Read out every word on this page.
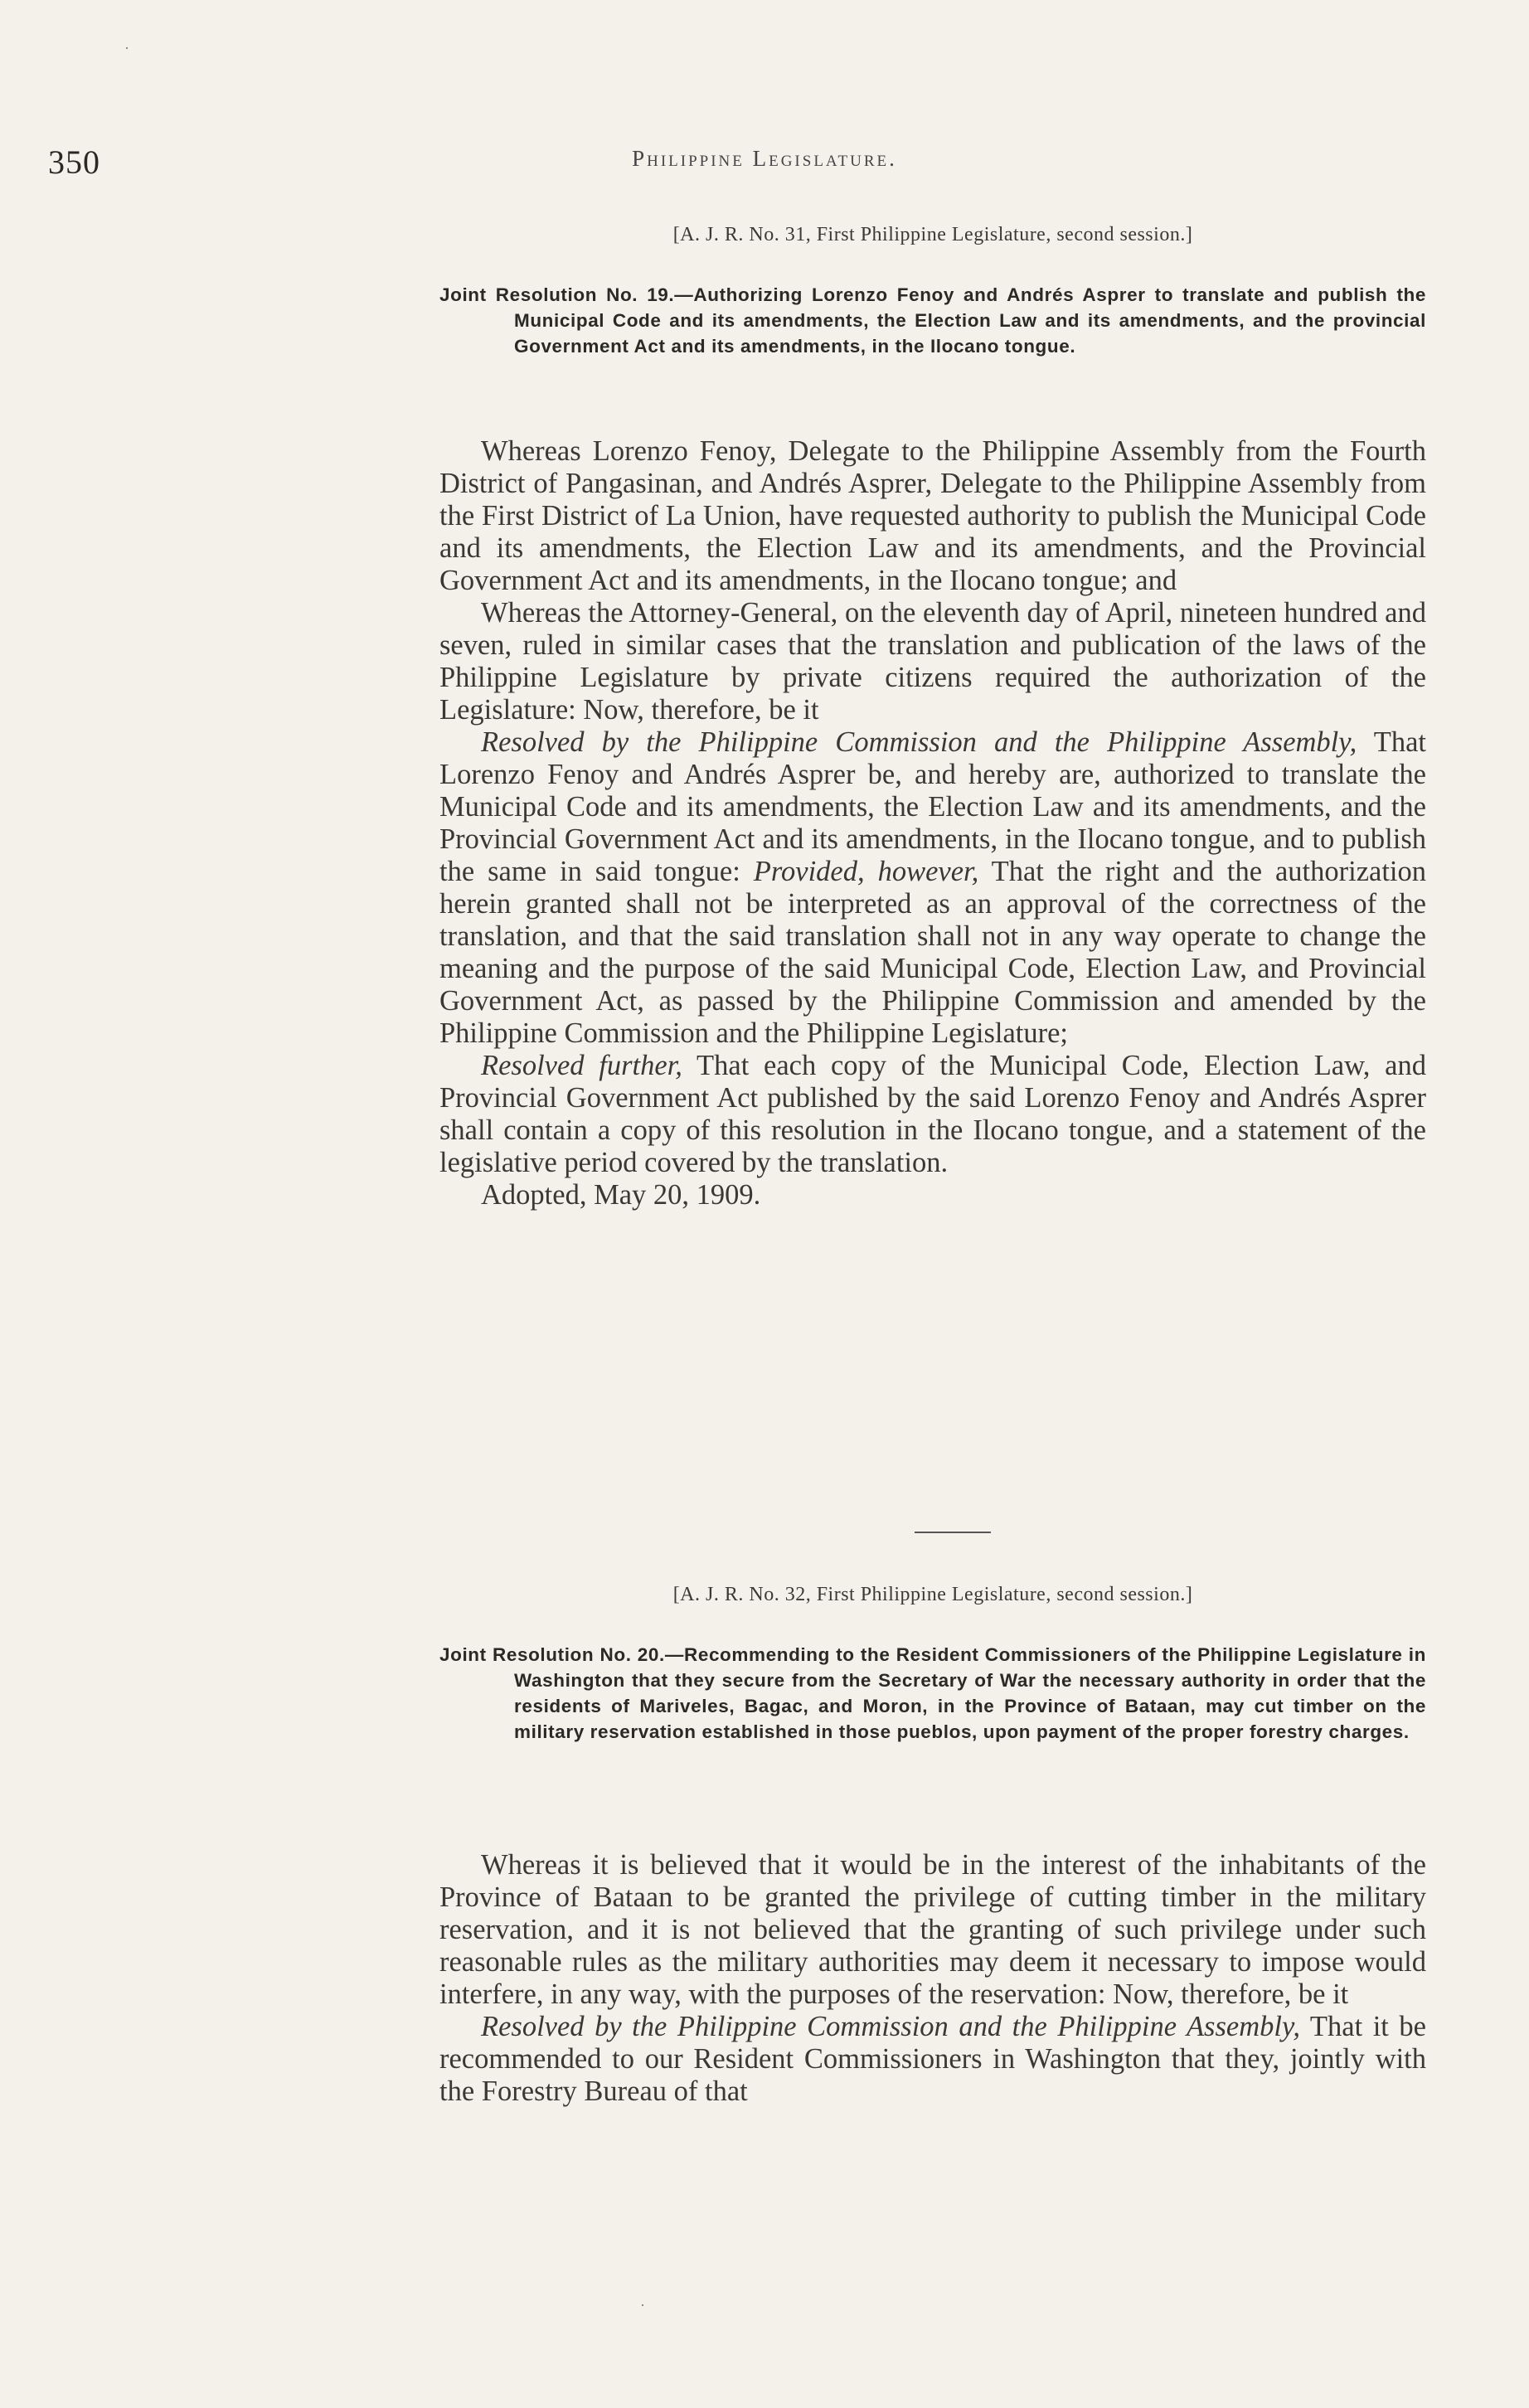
350	Philippine Legislature.
[A. J. R. No. 31, First Philippine Legislature, second session.]
Joint Resolution No. 19.—Authorizing Lorenzo Fenoy and Andrés Asprer to translate and publish the Municipal Code and its amendments, the Election Law and its amendments, and the provincial Government Act and its amendments, in the Ilocano tongue.

Whereas Lorenzo Fenoy, Delegate to the Philippine Assembly from the Fourth District of Pangasinan, and Andrés Asprer, Delegate to the Philippine Assembly from the First District of La Union, have requested authority to publish the Municipal Code and its amendments, the Election Law and its amendments, and the Provincial Government Act and its amendments, in the Ilocano tongue; and

Whereas the Attorney-General, on the eleventh day of April, nineteen hundred and seven, ruled in similar cases that the translation and publication of the laws of the Philippine Legislature by private citizens required the authorization of the Legislature: Now, therefore, be it

Resolved by the Philippine Commission and the Philippine Assembly, That Lorenzo Fenoy and Andrés Asprer be, and hereby are, authorized to translate the Municipal Code and its amendments, the Election Law and its amendments, and the Provincial Government Act and its amendments, in the Ilocano tongue, and to publish the same in said tongue: Provided, however, That the right and the authorization herein granted shall not be interpreted as an approval of the correctness of the translation, and that the said translation shall not in any way operate to change the meaning and the purpose of the said Municipal Code, Election Law, and Provincial Government Act, as passed by the Philippine Commission and amended by the Philippine Commission and the Philippine Legislature;

Resolved further, That each copy of the Municipal Code, Election Law, and Provincial Government Act published by the said Lorenzo Fenoy and Andrés Asprer shall contain a copy of this resolution in the Ilocano tongue, and a statement of the legislative period covered by the translation.

Adopted, May 20, 1909.

[A. J. R. No. 32, First Philippine Legislature, second session.]
Joint Resolution No. 20.—Recommending to the Resident Commissioners of the Philippine Legislature in Washington that they secure from the Secretary of War the necessary authority in order that the residents of Mariveles, Bagac, and Moron, in the Province of Bataan, may cut timber on the military reservation established in those pueblos, upon payment of the proper forestry charges.

Whereas it is believed that it would be in the interest of the inhabitants of the Province of Bataan to be granted the privilege of cutting timber in the military reservation, and it is not believed that the granting of such privilege under such reasonable rules as the military authorities may deem it necessary to impose would interfere, in any way, with the purposes of the reservation: Now, therefore, be it

Resolved by the Philippine Commission and the Philippine Assembly, That it be recommended to our Resident Commissioners in Washington that they, jointly with the Forestry Bureau of that

·
·
